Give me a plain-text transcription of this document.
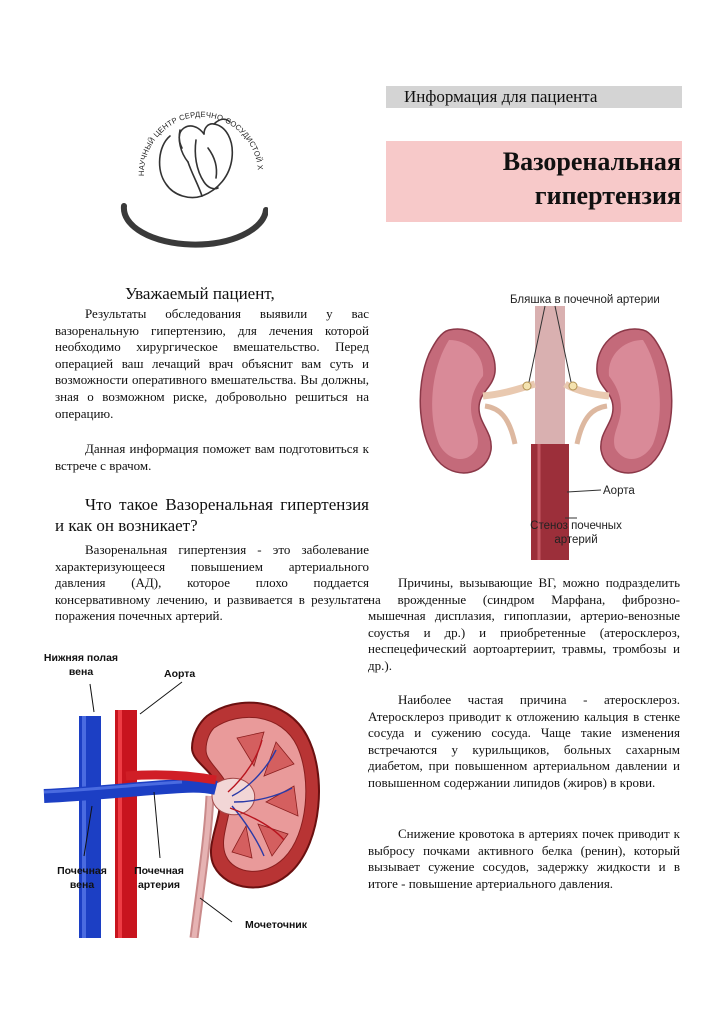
НАУЧНЫЙ ЦЕНТР СЕРДЕЧНО-СОСУДИСТОЙ Х
Информация для пациента
Вазоренальная
гипертензия
Уважаемый пациент,
Результаты обследования выявили у вас вазоренальную гипертензию, для лечения которой необходимо хирургическое вмешательство. Перед операцией ваш лечащий врач объяснит вам суть и возможности оперативного вмешательства. Вы должны, зная о возможном риске, добровольно решиться на операцию.
Данная информация поможет вам подготовиться к встрече с врачом.
Что такое Вазоренальная гипертензия и как он возникает?
Вазоренальная гипертензия - это заболевание характеризующееся повышением артериального давления (АД), которое плохо поддается консервативному лечению, и развивается в результате поражения почечных артерий.
Нижняя полая
вена	Аорта
Почечная
вена
Почечная
артерия
Мочеточник
Бляшка в почечной артерии
Аорта
Стеноз почечных
артерий
Причины, вызывающие ВГ, можно подразделить на врожденные (синдром Марфана, фиброзно-мышечная дисплазия, гипоплазии, артерио-венозные соустья и др.) и приобретенные (атеросклероз, неспецефический аортоартериит, травмы, тромбозы и др.).
Наиболее частая причина - атеросклероз. Атеросклероз приводит к отложению кальция в стенке сосуда и сужению сосуда. Чаще такие изменения встречаются у курильщиков, больных сахарным диабетом, при повышенном артериальном давлении и повышенном содержании липидов (жиров) в крови.
Снижение кровотока в артериях почек приводит к выбросу почками активного белка (ренин), который вызывает сужение сосудов, задержку жидкости и в итоге - повышение артериального давления.
